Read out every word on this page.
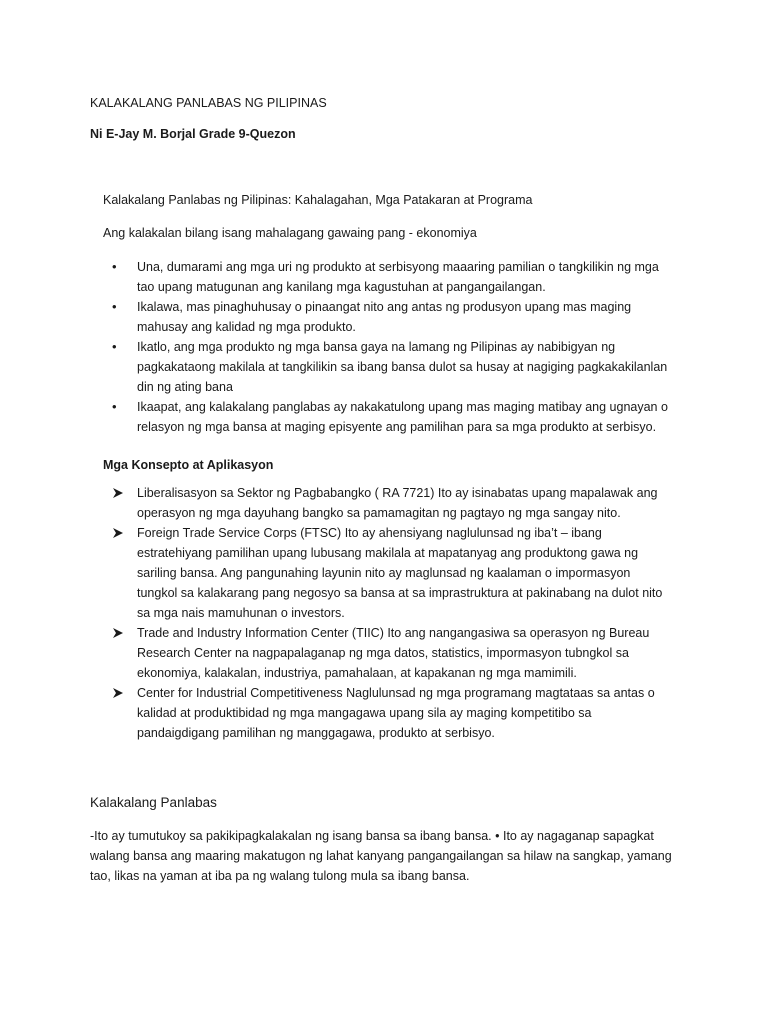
KALAKALANG PANLABAS NG PILIPINAS

Ni E-Jay M. Borjal Grade 9-Quezon

Kalakalang Panlabas ng Pilipinas: Kahalagahan, Mga Patakaran at Programa

Ang kalakalan bilang isang mahalagang gawaing pang - ekonomiya

•	Una, dumarami ang mga uri ng produkto at serbisyong maaaring pamilian o tangkilikin ng mga tao upang matugunan ang kanilang mga kagustuhan at pangangailangan.
•	Ikalawa, mas pinaghuhusay o pinaangat nito ang antas ng produsyon upang mas maging mahusay ang kalidad ng mga produkto.
•	Ikatlo, ang mga produkto ng mga bansa gaya na lamang ng Pilipinas ay nabibigyan ng pagkakataong makilala at tangkilikin sa ibang bansa dulot sa husay at nagiging pagkakakilanlan din ng ating bana
•	Ikaapat, ang kalakalang panglabas ay nakakatulong upang mas maging matibay ang ugnayan o relasyon ng mga bansa at maging episyente ang pamilihan para sa mga produkto at serbisyo.

Mga Konsepto at Aplikasyon

Liberalisasyon sa Sektor ng Pagbabangko ( RA 7721) Ito ay isinabatas upang mapalawak ang operasyon ng mga dayuhang bangko sa pamamagitan ng pagtayo ng mga sangay nito.
Foreign Trade Service Corps (FTSC) Ito ay ahensiyang naglulunsad ng iba’t – ibang estratehiyang pamilihan upang lubusang makilala at mapatanyag ang produktong gawa ng sariling bansa. Ang pangunahing layunin nito ay maglunsad ng kaalaman o impormasyon tungkol sa kalakarang pang negosyo sa bansa at sa imprastruktura at pakinabang na dulot nito sa mga nais mamuhunan o investors.
Trade and Industry Information Center (TIIC) Ito ang nangangasiwa sa operasyon ng Bureau Research Center na nagpapalaganap ng mga datos, statistics, impormasyon tubngkol sa ekonomiya, kalakalan, industriya, pamahalaan, at kapakanan ng mga mamimili.
Center for Industrial Competitiveness Naglulunsad ng mga programang magtataas sa antas o kalidad at produktibidad ng mga mangagawa upang sila ay maging kompetitibo sa pandaigdigang pamilihan ng manggagawa, produkto at serbisyo.

Kalakalang Panlabas

-Ito ay tumutukoy sa pakikipagkalakalan ng isang bansa sa ibang bansa. • Ito ay nagaganap sapagkat walang bansa ang maaring makatugon ng lahat kanyang pangangailangan sa hilaw na sangkap, yamang tao, likas na yaman at iba pa ng walang tulong mula sa ibang bansa.
